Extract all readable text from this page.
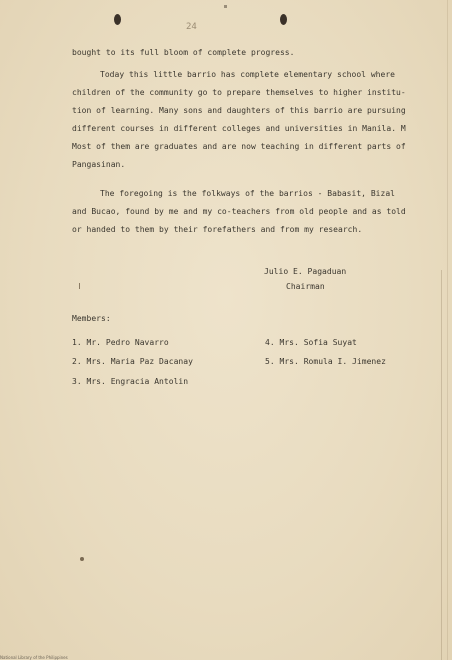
24
bought to its full bloom of complete progress.
Today this little barrio has complete elementary school where
children of the community go to prepare themselves to higher institu-
tion of learning. Many sons and daughters of this barrio are pursuing
different courses in different colleges and universities in Manila. M
Most of them are graduates and are now teaching in different parts of
Pangasinan.
The foregoing is the folkways of the barrios - Babasit, Bizal
and Bucao, found by me and my co-teachers from old people and as told
or handed to them by their forefathers and from my research.
Julio E. Pagaduan
Chairman
Members:
1. Mr. Pedro Navarro
2. Mrs. Maria Paz Dacanay
3. Mrs. Engracia Antolin
4. Mrs. Sofia Suyat
5. Mrs. Romula I. Jimenez
National Library of the Philippines
